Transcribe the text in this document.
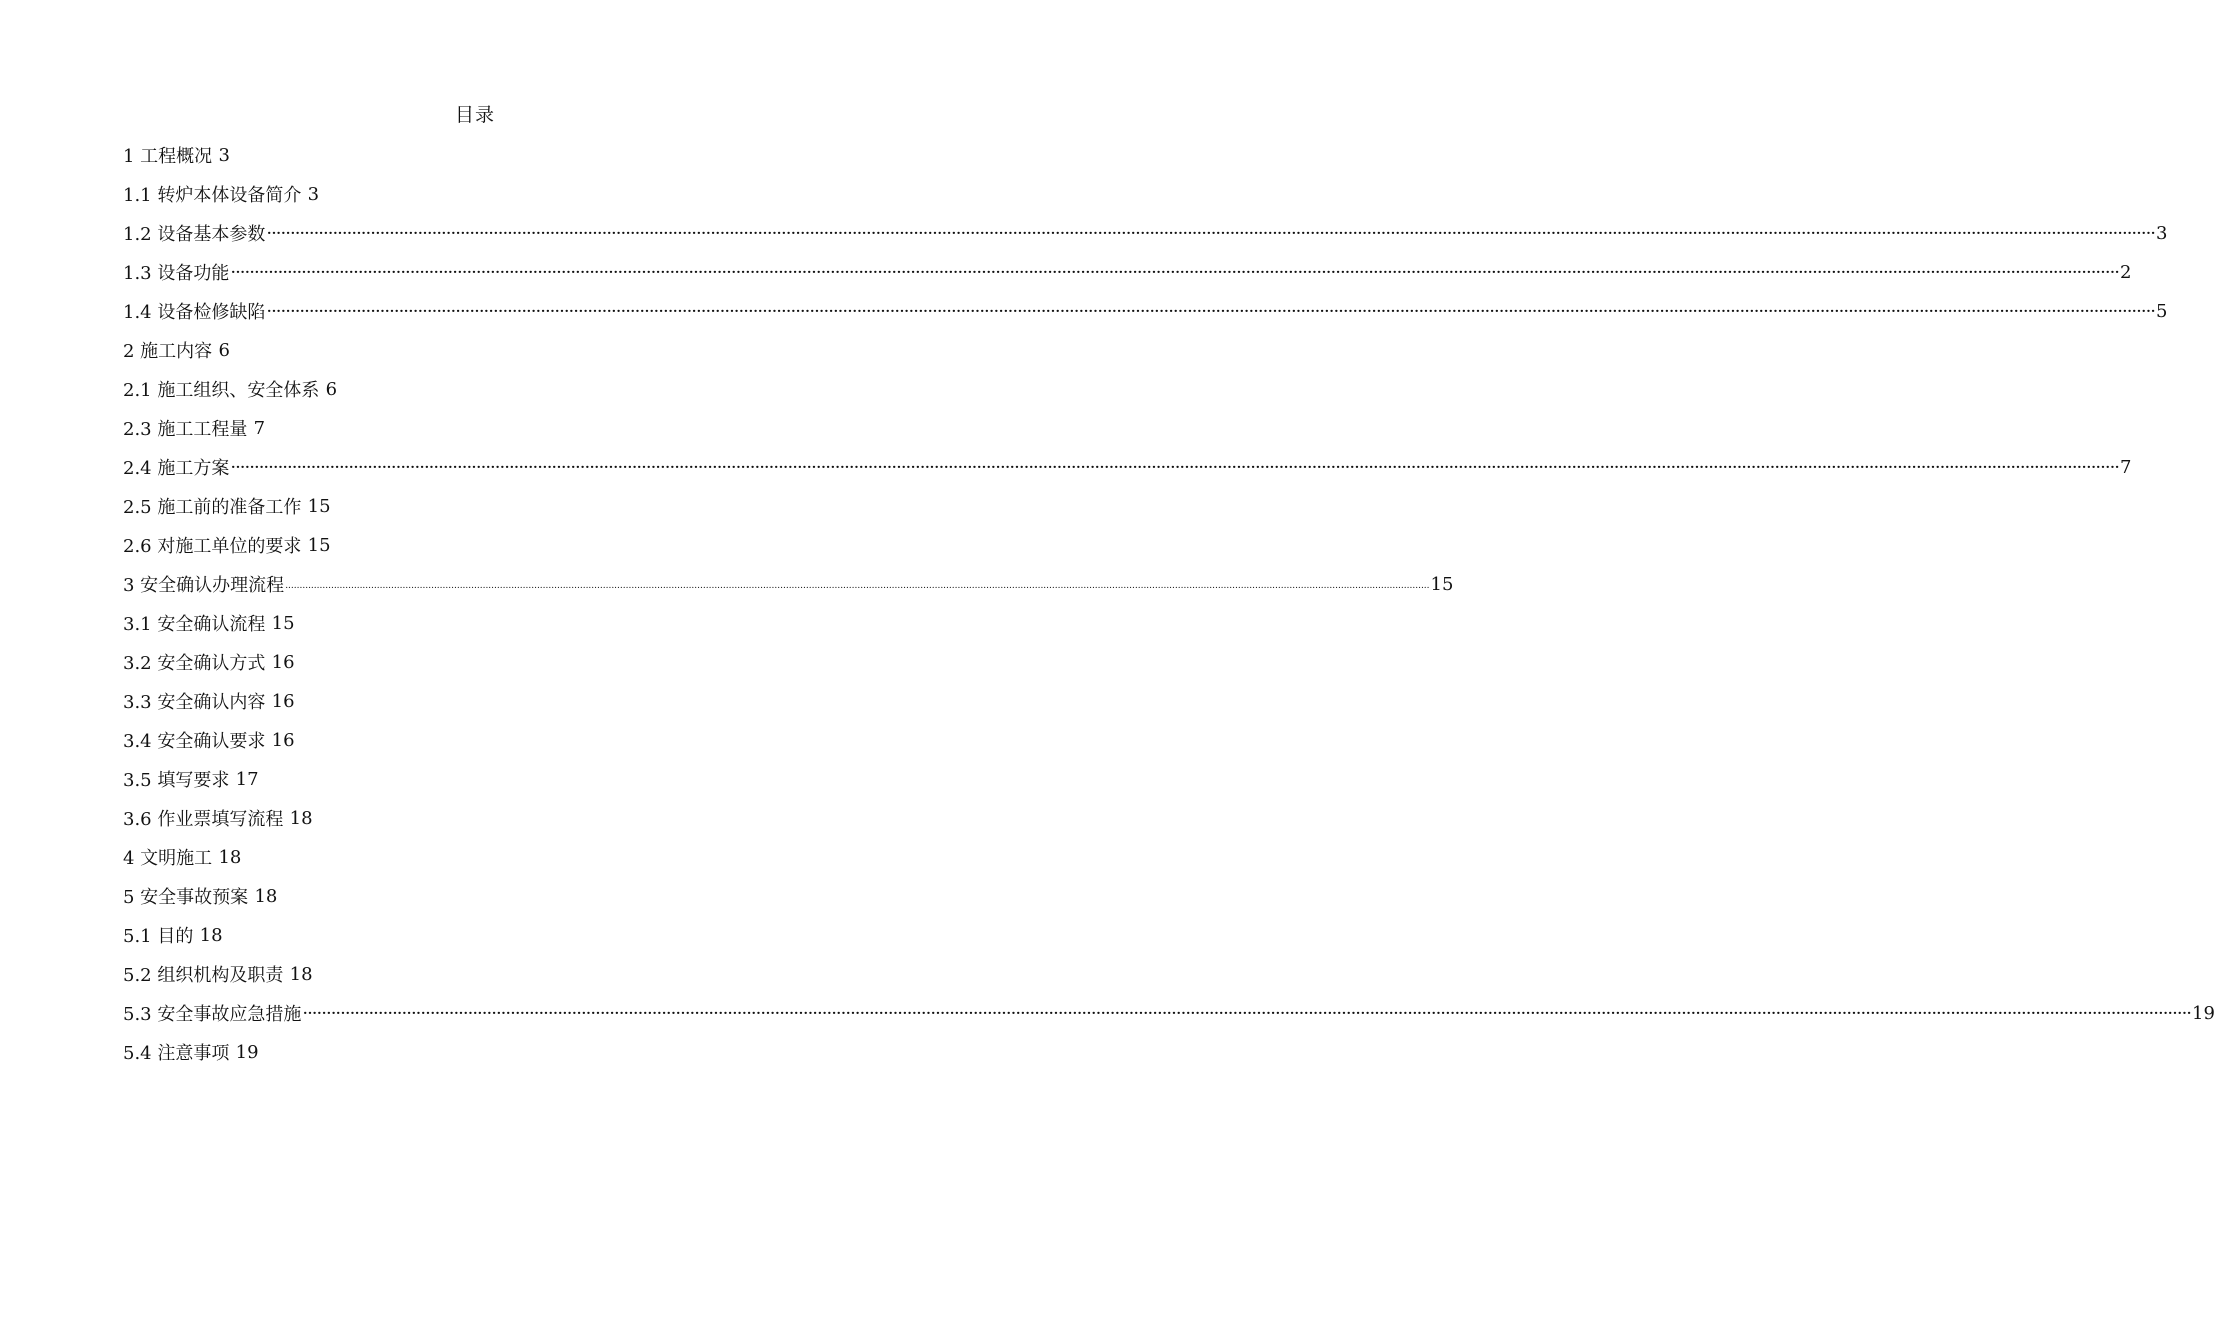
目录
1 工程概况 3
1.1 转炉本体设备简介 3
1.2 设备基本参数 ················································································································································································································································································································································································································ 3
1.3 设备功能 ················································································································································································································································································································································································································ 2
1.4 设备检修缺陷 ················································································································································································································································································································································································································ 5
2 施工内容 6
2.1 施工组织、安全体系 6
2.3 施工工程量 7
2.4 施工方案 ················································································································································································································································································································································································································ 7
2.5 施工前的准备工作 15
2.6 对施工单位的要求 15
3 安全确认办理流程 ................................................................................................................................................................................................................................................................................................................................................................................................................ 15
3.1 安全确认流程 15
3.2 安全确认方式 16
3.3 安全确认内容 16
3.4 安全确认要求 16
3.5 填写要求 17
3.6 作业票填写流程 18
4 文明施工 18
5 安全事故预案 18
5.1 目的 18
5.2 组织机构及职责 18
5.3 安全事故应急措施 ················································································································································································································································································································································································································ 19
5.4 注意事项 19
